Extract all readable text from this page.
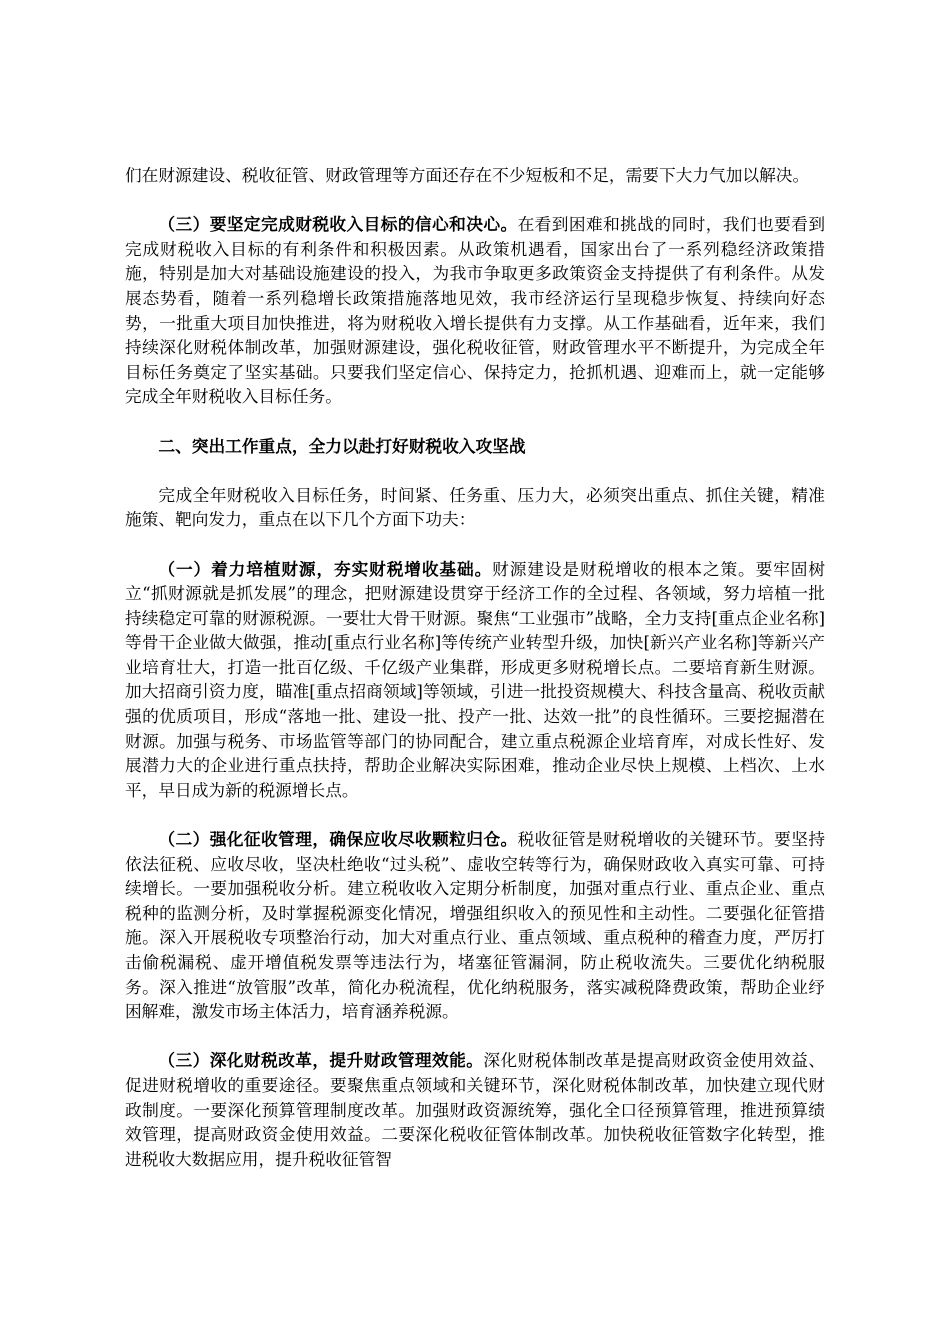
们在财源建设、税收征管、财政管理等方面还存在不少短板和不足，需要下大力气加以解决。

（三）要坚定完成财税收入目标的信心和决心。在看到困难和挑战的同时，我们也要看到完成财税收入目标的有利条件和积极因素。从政策机遇看，国家出台了一系列稳经济政策措施，特别是加大对基础设施建设的投入，为我市争取更多政策资金支持提供了有利条件。从发展态势看，随着一系列稳增长政策措施落地见效，我市经济运行呈现稳步恢复、持续向好态势，一批重大项目加快推进，将为财税收入增长提供有力支撑。从工作基础看，近年来，我们持续深化财税体制改革，加强财源建设，强化税收征管，财政管理水平不断提升，为完成全年目标任务奠定了坚实基础。只要我们坚定信心、保持定力，抢抓机遇、迎难而上，就一定能够完成全年财税收入目标任务。

二、突出工作重点，全力以赴打好财税收入攻坚战

完成全年财税收入目标任务，时间紧、任务重、压力大，必须突出重点、抓住关键，精准施策、靶向发力，重点在以下几个方面下功夫：

（一）着力培植财源，夯实财税增收基础。财源建设是财税增收的根本之策。要牢固树立“抓财源就是抓发展”的理念，把财源建设贯穿于经济工作的全过程、各领域，努力培植一批持续稳定可靠的财源税源。一要壮大骨干财源。聚焦“工业强市”战略，全力支持[重点企业名称]等骨干企业做大做强，推动[重点行业名称]等传统产业转型升级，加快[新兴产业名称]等新兴产业培育壮大，打造一批百亿级、千亿级产业集群，形成更多财税增长点。二要培育新生财源。加大招商引资力度，瞄准[重点招商领域]等领域，引进一批投资规模大、科技含量高、税收贡献强的优质项目，形成“落地一批、建设一批、投产一批、达效一批”的良性循环。三要挖掘潜在财源。加强与税务、市场监管等部门的协同配合，建立重点税源企业培育库，对成长性好、发展潜力大的企业进行重点扶持，帮助企业解决实际困难，推动企业尽快上规模、上档次、上水平，早日成为新的税源增长点。

（二）强化征收管理，确保应收尽收颗粒归仓。税收征管是财税增收的关键环节。要坚持依法征税、应收尽收，坚决杜绝收“过头税”、虚收空转等行为，确保财政收入真实可靠、可持续增长。一要加强税收分析。建立税收收入定期分析制度，加强对重点行业、重点企业、重点税种的监测分析，及时掌握税源变化情况，增强组织收入的预见性和主动性。二要强化征管措施。深入开展税收专项整治行动，加大对重点行业、重点领域、重点税种的稽查力度，严厉打击偷税漏税、虚开增值税发票等违法行为，堵塞征管漏洞，防止税收流失。三要优化纳税服务。深入推进“放管服”改革，简化办税流程，优化纳税服务，落实减税降费政策，帮助企业纾困解难，激发市场主体活力，培育涵养税源。

（三）深化财税改革，提升财政管理效能。深化财税体制改革是提高财政资金使用效益、促进财税增收的重要途径。要聚焦重点领域和关键环节，深化财税体制改革，加快建立现代财政制度。一要深化预算管理制度改革。加强财政资源统筹，强化全口径预算管理，推进预算绩效管理，提高财政资金使用效益。二要深化税收征管体制改革。加快税收征管数字化转型，推进税收大数据应用，提升税收征管智
